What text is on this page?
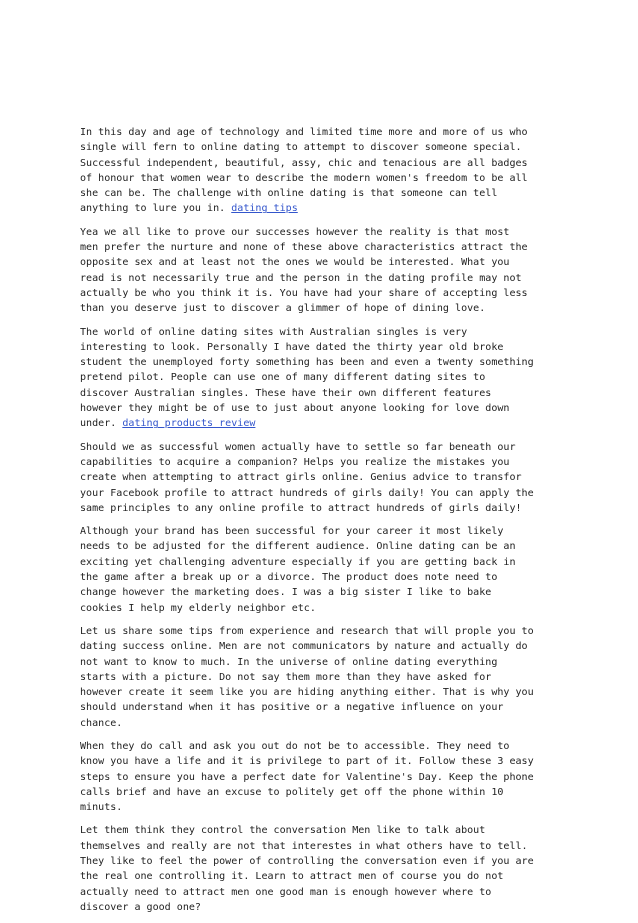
In this day and age of technology and limited time more and more of us who
single will fern to online dating to attempt to discover someone special.
Successful independent, beautiful, assy, chic and tenacious are all badges
of honour that women wear to describe the modern women's freedom to be all
she can be. The challenge with online dating is that someone can tell
anything to lure you in. dating tips

Yea we all like to prove our successes however the reality is that most
men prefer the nurture and none of these above characteristics attract the
opposite sex and at least not the ones we would be interested. What you
read is not necessarily true and the person in the dating profile may not
actually be who you think it is. You have had your share of accepting less
than you deserve just to discover a glimmer of hope of dining love.

The world of online dating sites with Australian singles is very
interesting to look. Personally I have dated the thirty year old broke
student the unemployed forty something has been and even a twenty something
pretend pilot. People can use one of many different dating sites to
discover Australian singles. These have their own different features
however they might be of use to just about anyone looking for love down
under. dating products review

Should we as successful women actually have to settle so far beneath our
capabilities to acquire a companion? Helps you realize the mistakes you
create when attempting to attract girls online. Genius advice to transfor
your Facebook profile to attract hundreds of girls daily! You can apply the
same principles to any online profile to attract hundreds of girls daily!

Although your brand has been successful for your career it most likely
needs to be adjusted for the different audience. Online dating can be an
exciting yet challenging adventure especially if you are getting back in
the game after a break up or a divorce. The product does note need to
change however the marketing does. I was a big sister I like to bake
cookies I help my elderly neighbor etc.

Let us share some tips from experience and research that will prople you to
dating success online. Men are not communicators by nature and actually do
not want to know to much. In the universe of online dating everything
starts with a picture. Do not say them more than they have asked for
however create it seem like you are hiding anything either. That is why you
should understand when it has positive or a negative influence on your
chance.

When they do call and ask you out do not be to accessible. They need to
know you have a life and it is privilege to part of it. Follow these 3 easy
steps to ensure you have a perfect date for Valentine's Day. Keep the phone
calls brief and have an excuse to politely get off the phone within 10
minuts.

Let them think they control the conversation Men like to talk about
themselves and really are not that interestes in what others have to tell.
They like to feel the power of controlling the conversation even if you are
the real one controlling it. Learn to attract men of course you do not
actually need to attract men one good man is enough however where to
discover a good one?
